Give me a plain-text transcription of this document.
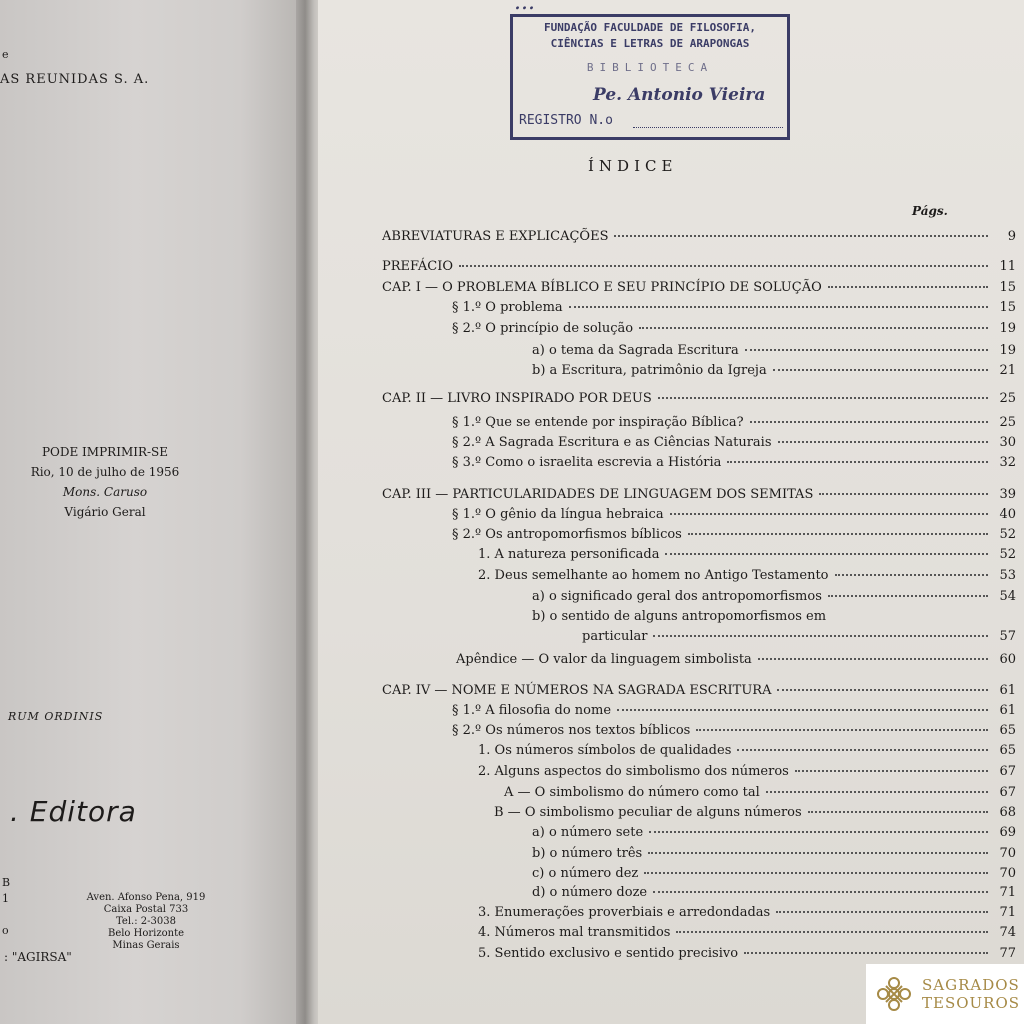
e
AS REUNIDAS S. A.
PODE IMPRIMIR-SE
Rio, 10 de julho de 1956
Mons. Caruso
Vigário Geral
RUM ORDINIS
. Editora
B
1
o
Aven. Afonso Pena, 919
Caixa Postal 733
Tel.: 2-3038
Belo Horizonte
Minas Gerais
: "AGIRSA"
...
FUNDAÇÃO FACULDADE DE FILOSOFIA,
CIÊNCIAS E LETRAS DE ARAPONGAS
BIBLIOTECA
Pe. Antonio Vieira
REGISTRO N.o
ÍNDICE
Págs.
ABREVIATURAS E EXPLICAÇÕES	9
PREFÁCIO	11
CAP. I — O PROBLEMA BÍBLICO E SEU PRINCÍPIO DE SOLUÇÃO	15
§ 1.º O problema	15
§ 2.º O princípio de solução	19
a) o tema da Sagrada Escritura	19
b) a Escritura, patrimônio da Igreja	21
CAP. II — LIVRO INSPIRADO POR DEUS	25
§ 1.º Que se entende por inspiração Bíblica?	25
§ 2.º A Sagrada Escritura e as Ciências Naturais	30
§ 3.º Como o israelita escrevia a História	32
CAP. III — PARTICULARIDADES DE LINGUAGEM DOS SEMITAS	39
§ 1.º O gênio da língua hebraica	40
§ 2.º Os antropomorfismos bíblicos	52
1. A natureza personificada	52
2. Deus semelhante ao homem no Antigo Testamento	53
a) o significado geral dos antropomorfismos	54
b) o sentido de alguns antropomorfismos em
particular	57
Apêndice — O valor da linguagem simbolista	60
CAP. IV — NOME E NÚMEROS NA SAGRADA ESCRITURA	61
§ 1.º A filosofia do nome	61
§ 2.º Os números nos textos bíblicos	65
1. Os números símbolos de qualidades	65
2. Alguns aspectos do simbolismo dos números	67
A — O simbolismo do número como tal	67
B — O simbolismo peculiar de alguns números	68
a) o número sete	69
b) o número três	70
c) o número dez	70
d) o número doze	71
3. Enumerações proverbiais e arredondadas	71
4. Números mal transmitidos	74
5. Sentido exclusivo e sentido precisivo	77
SAGRADOS
TESOUROS
